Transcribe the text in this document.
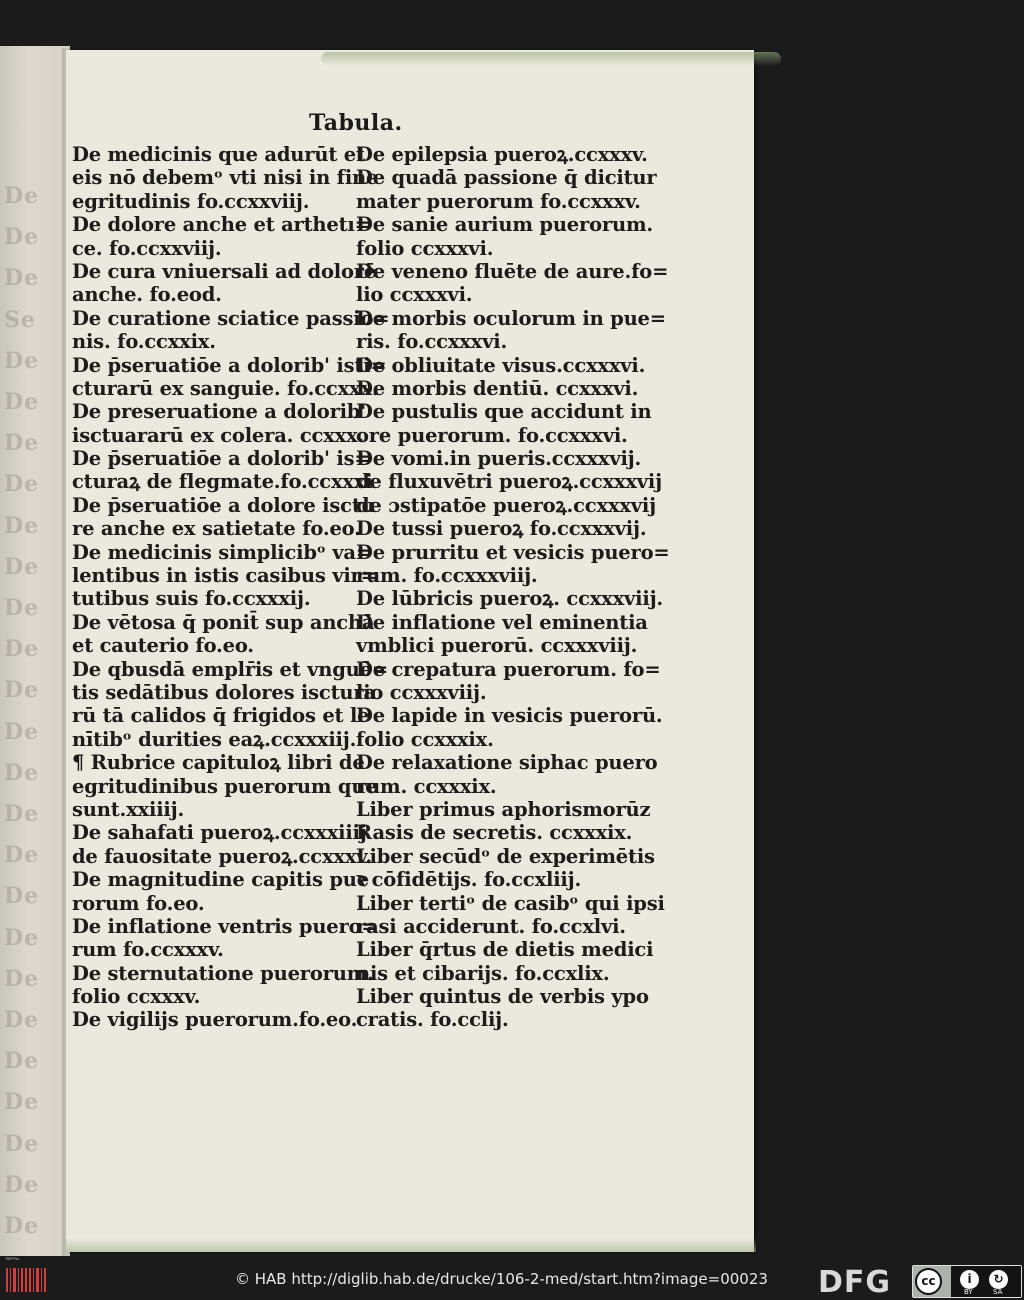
De
De
De
Se
De
De
De
De
De
De
De
De
De
De
De
De
De
De
De
De
De
De
De
De
De
De

Tabula.
De medicinis que adurūt et
eis nō debemᵒ vti nisi in fine
egritudinis fo.ccxxviij.
De dolore anche et arthetı=
ce. fo.ccxxviij.
De cura vniuersali ad dolorē
anche. fo.eod.
De curatione sciatice passio=
nis. fo.ccxxix.
De p̄seruatiōe a dolorib' isti=
cturarū ex sanguie. fo.ccxxx.
De preseruatione a dolorib'
isctuararū ex colera. ccxxx.
De p̄seruatiōe a dolorib' is=
cturaꝝ de flegmate.fo.ccxxxi
De p̄seruatiōe a dolore isctu
re anche ex satietate fo.eo.
De medicinis simplicibᵒ va=
lentibus in istis casibus vir=
tutibus suis fo.ccxxxij.
De vētosa q̄ ponit̄ sup anchā
et cauterio fo.eo.
De qbusdā emplr̄is et vnguē=
tis sedātibus dolores isctura
rū tā calidos q̄ frigidos et le
nītibᵒ durities eaꝝ.ccxxxiij.
¶ Rubrice capituloꝝ libri de
egritudinibus puerorum que
sunt.xxiiij.
De sahafati pueroꝝ.ccxxxiiij
de fauositate pueroꝝ.ccxxxv.
De magnitudine capitis pue
rorum fo.eo.
De inflatione ventris puero=
rum fo.ccxxxv.
De sternutatione puerorum.
folio ccxxxv.
De vigilijs puerorum.fo.eo.
De epilepsia pueroꝝ.ccxxxv.
De quadā passione q̄ dicitur
mater puerorum fo.ccxxxv.
De sanie aurium puerorum.
folio ccxxxvi.
De veneno fluēte de aure.fo=
lio ccxxxvi.
De morbis oculorum in pue=
ris. fo.ccxxxvi.
De obliuitate visus.ccxxxvi.
De morbis dentiū. ccxxxvi.
De pustulis que accidunt in
ore puerorum. fo.ccxxxvi.
De vomi.in pueris.ccxxxvij.
de fluxuvētri pueroꝝ.ccxxxvij
de ɔstipatōe pueroꝝ.ccxxxvij
De tussi pueroꝝ fo.ccxxxvij.
De prurritu et vesicis puero=
rum. fo.ccxxxviij.
De lūbricis pueroꝝ. ccxxxviij.
De inflatione vel eminentia
vmblici puerorū. ccxxxviij.
De crepatura puerorum. fo=
lio ccxxxviij.
De lapide in vesicis puerorū.
folio ccxxxix.
De relaxatione siphac puero
rum. ccxxxix.
Liber primus aphorismorūz
Rasis de secretis. ccxxxix.
Liber secūdᵒ de experimētis
ꝛ cōfidētijs. fo.ccxliij.
Liber tertiᵒ de casibᵒ qui ipsi
rasi acciderunt. fo.ccxlvi.
Liber q̄rtus de dietis medici
nis et cibarijs. fo.ccxlix.
Liber quintus de verbis ypo
cratis. fo.cclij.
© HAB http://diglib.hab.de/drucke/106-2-med/start.htm?image=00023 DFG	cc	i	↻
BY	SA
